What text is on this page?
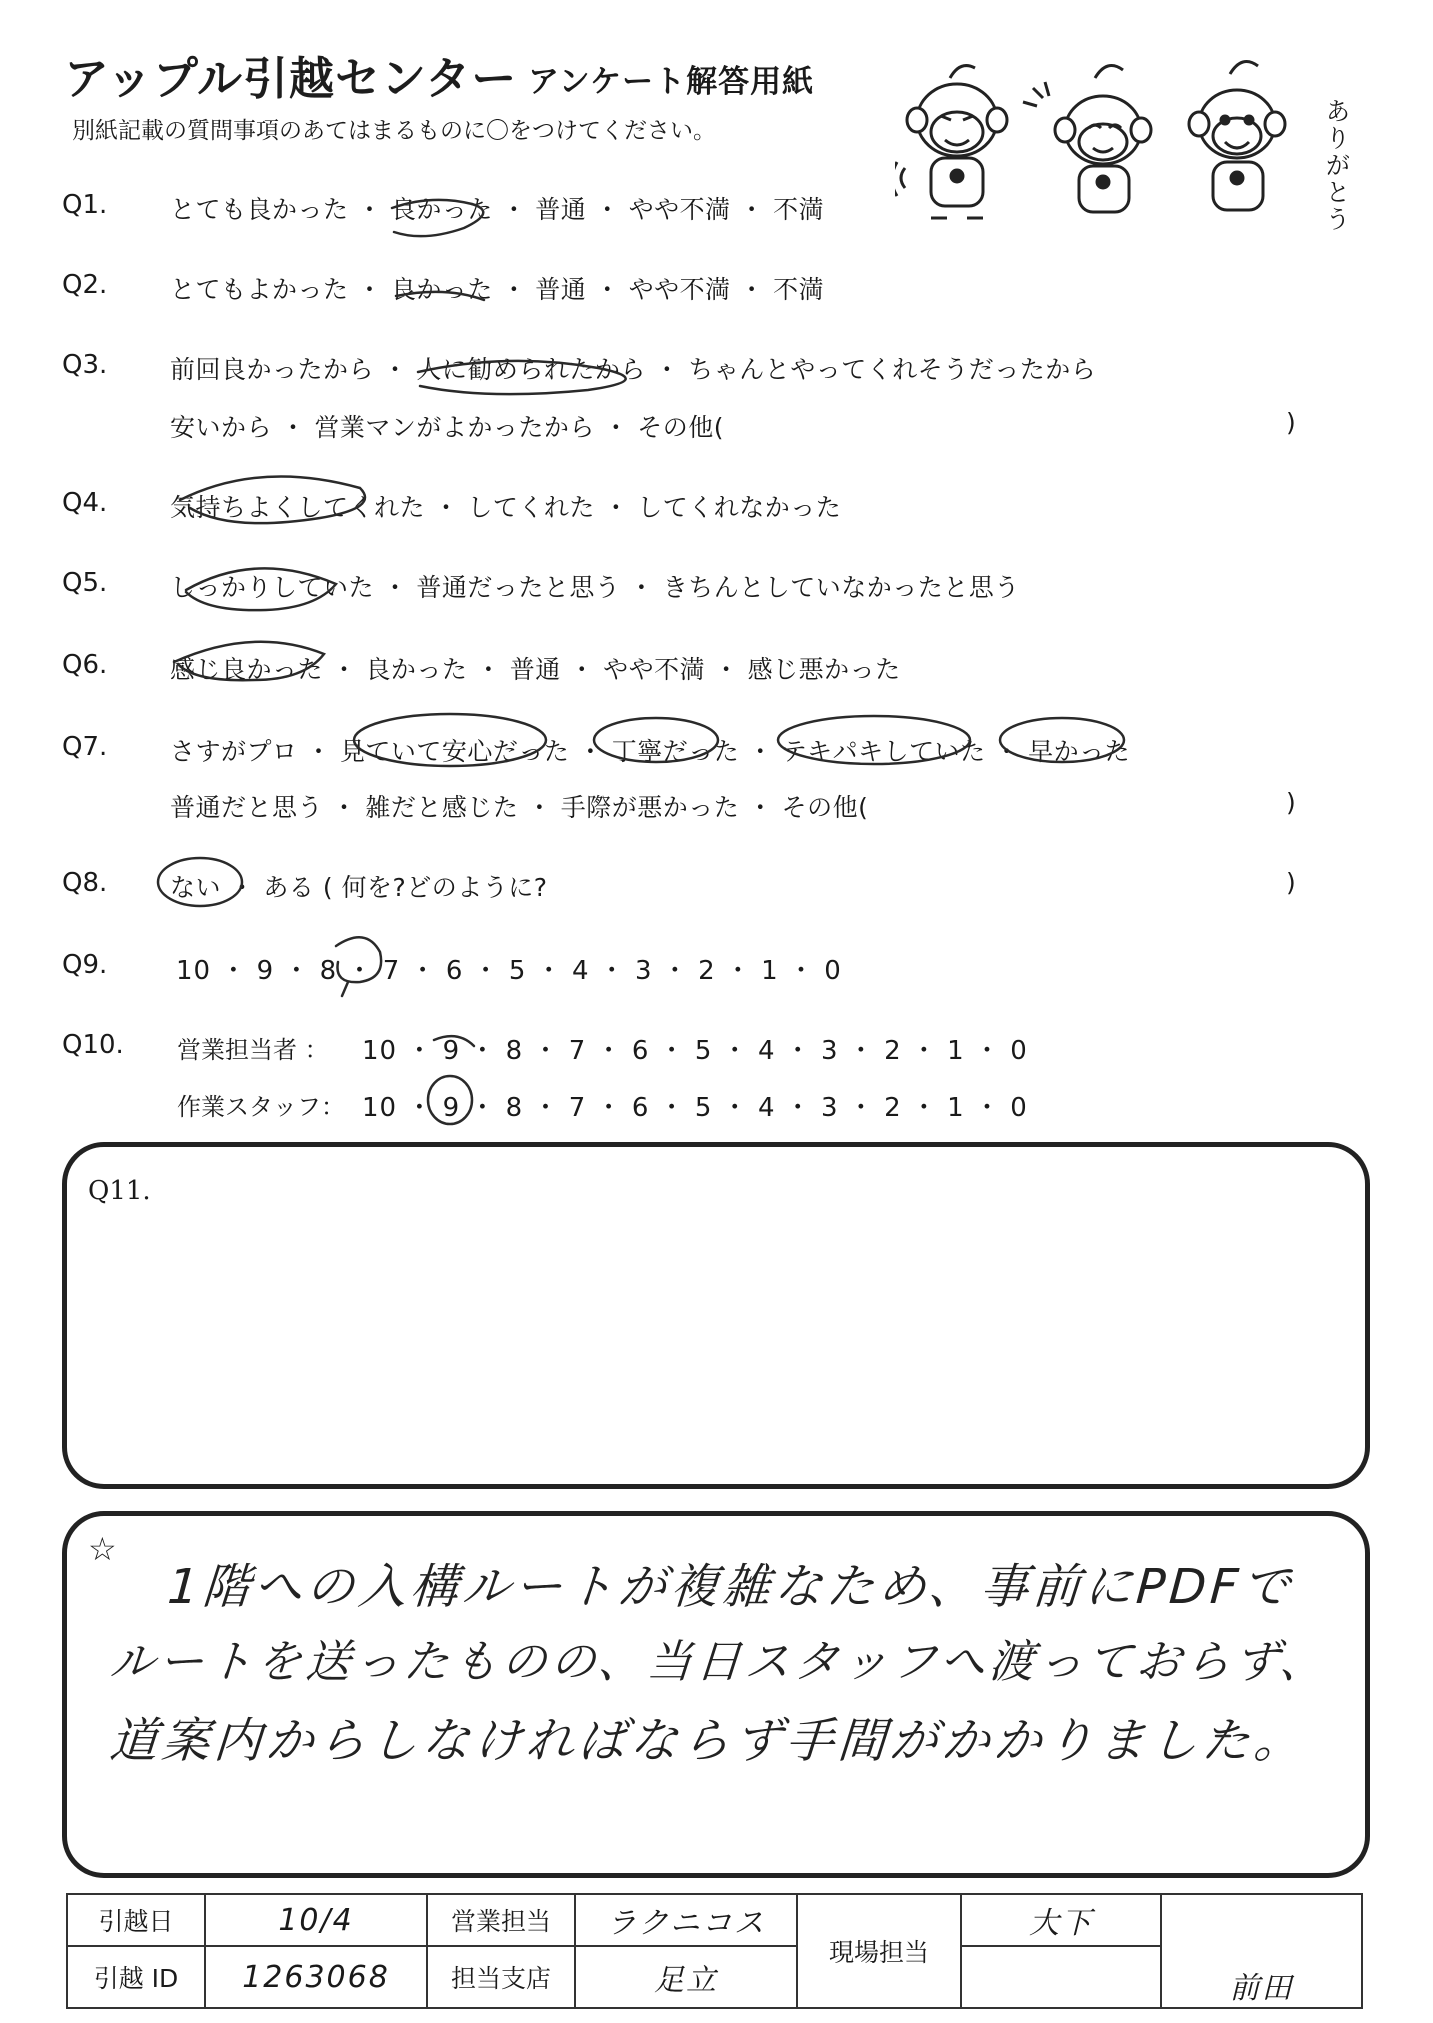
アップル引越センター アンケート解答用紙
別紙記載の質問事項のあてはまるものに〇をつけてください。	ありがとう
Q1.	とても良かった ・ 良かった ・ 普通 ・ やや不満 ・ 不満
Q2.	とてもよかった ・ 良かった ・ 普通 ・ やや不満 ・ 不満
Q3.	前回良かったから ・ 人に勧められたから ・ ちゃんとやってくれそうだったから
安いから ・ 営業マンがよかったから ・ その他(	)
Q4.	気持ちよくしてくれた ・ してくれた ・ してくれなかった
Q5.	しっかりしていた ・ 普通だったと思う ・ きちんとしていなかったと思う
Q6.	感じ良かった ・ 良かった ・ 普通 ・ やや不満 ・ 感じ悪かった
Q7.	さすがプロ ・ 見ていて安心だった ・ 丁寧だった ・ テキパキしていた ・ 早かった
普通だと思う ・ 雑だと感じた ・ 手際が悪かった ・ その他(	)
Q8.	ない ・ ある ( 何を?どのように?	)
Q9.	10 ・ 9 ・ 8 ・ 7 ・ 6 ・ 5 ・ 4 ・ 3 ・ 2 ・ 1 ・ 0
Q10. 営業担当者 ： 10 ・ 9 ・ 8 ・ 7 ・ 6 ・ 5 ・ 4 ・ 3 ・ 2 ・ 1 ・ 0
作業スタッフ： 10 ・ 9 ・ 8 ・ 7 ・ 6 ・ 5 ・ 4 ・ 3 ・ 2 ・ 1 ・ 0
Q11.
☆
1階への入構ルートが複雑なため、事前にPDFで
ルートを送ったものの、当日スタッフへ渡っておらず、
道案内からしなければならず手間がかかりました。
引越日	10/4	営業担当	ラクニコス	現場担当	大下	前田
引越 ID	1263068	担当支店	足立			
